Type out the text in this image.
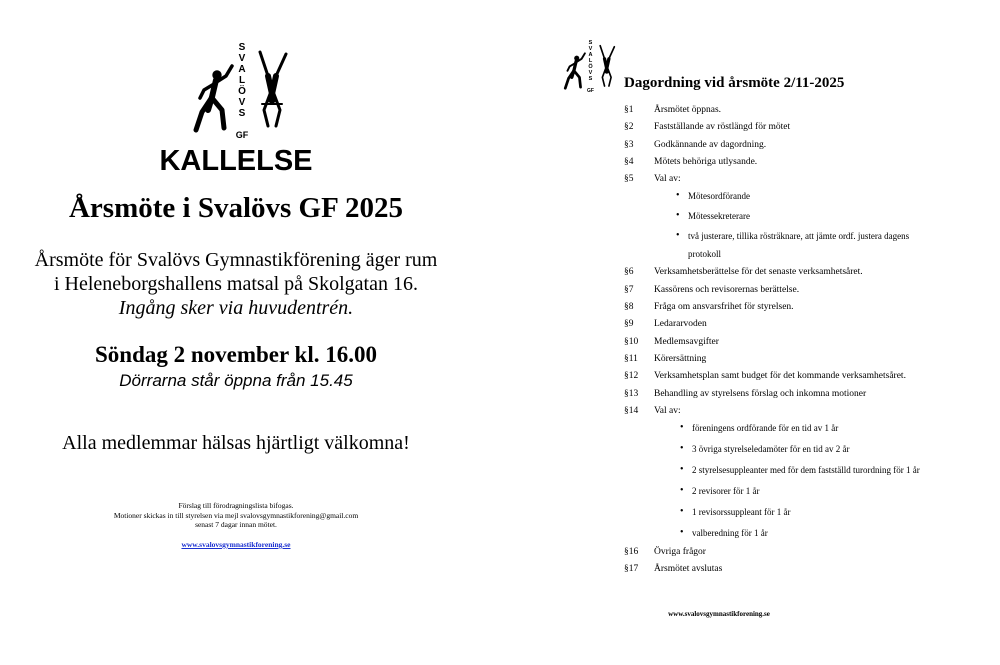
S
V
A
L
Ö
V
S
GF
KALLELSE
Årsmöte i Svalövs GF 2025
Årsmöte för Svalövs Gymnastikförening äger rum
i Heleneborgshallens matsal på Skolgatan 16.
Ingång sker via huvudentrén.
Söndag 2 november kl. 16.00
Dörrarna står öppna från 15.45
Alla medlemmar hälsas hjärtligt välkomna!
Förslag till förodragningslista bifogas.
Motioner skickas in till styrelsen via mejl svalovsgymnastikforening@gmail.com
senast 7 dagar innan mötet.
www.svalovsgymnastikforening.se
S
V
A
L
Ö
V
S
GF Dagordning vid årsmöte 2/11-2025
§1	Årsmötet öppnas.
§2	Fastställande av röstlängd för mötet
§3	Godkännande av dagordning.
§4	Mötets behöriga utlysande.
§5	Val av:
• Mötesordförande
• Mötessekreterare
• två justerare, tillika rösträknare, att jämte ordf. justera dagens
protokoll
§6	Verksamhetsberättelse för det senaste verksamhetsåret.
§7	Kassörens och revisorernas berättelse.
§8	Fråga om ansvarsfrihet för styrelsen.
§9	Ledararvoden
§10	Medlemsavgifter
§11	Körersättning
§12	Verksamhetsplan samt budget för det kommande verksamhetsåret.
§13	Behandling av styrelsens förslag och inkomna motioner
§14	Val av:
• föreningens ordförande för en tid av 1 år
• 3 övriga styrelseledamöter för en tid av 2 år
• 2 styrelsesuppleanter med för dem fastställd turordning för 1 år
• 2 revisorer för 1 år
• 1 revisorssuppleant för 1 år
• valberedning för 1 år
§16	Övriga frågor
§17	Årsmötet avslutas
www.svalovsgymnastikforening.se
